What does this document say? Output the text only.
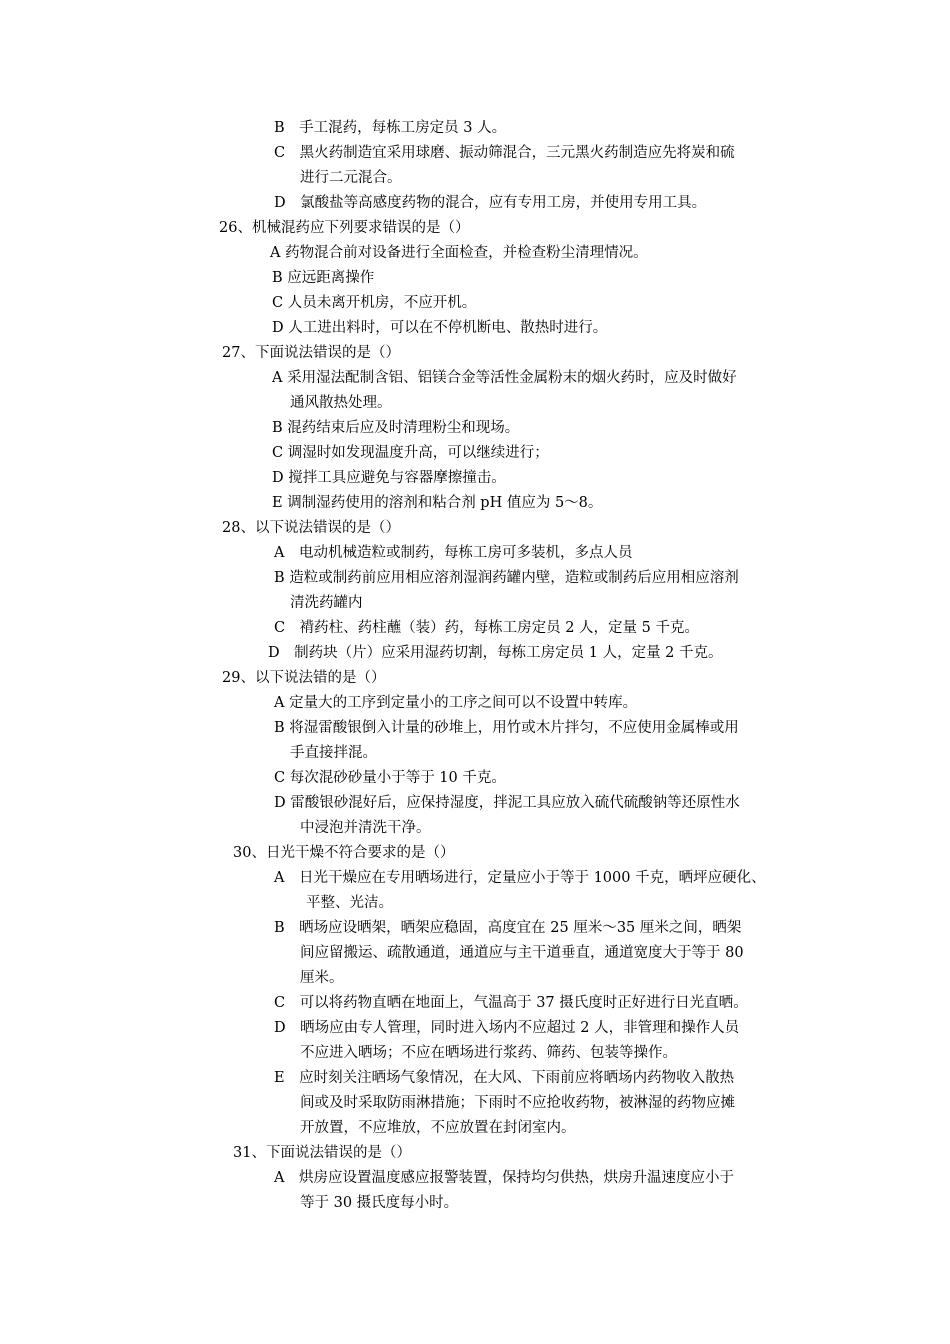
B　手工混药，每栋工房定员 3 人。
C　黑火药制造宜采用球磨、振动筛混合，三元黑火药制造应先将炭和硫
进行二元混合。
D　氯酸盐等高感度药物的混合，应有专用工房，并使用专用工具。
26、机械混药应下列要求错误的是（）
A 药物混合前对设备进行全面检查，并检查粉尘清理情况。
B 应远距离操作
C 人员未离开机房，不应开机。
D 人工进出料时，可以在不停机断电、散热时进行。
27、下面说法错误的是（）
A 采用湿法配制含铝、铝镁合金等活性金属粉末的烟火药时，应及时做好
通风散热处理。
B 混药结束后应及时清理粉尘和现场。
C 调湿时如发现温度升高，可以继续进行；
D 搅拌工具应避免与容器摩擦撞击。
E 调制湿药使用的溶剂和粘合剂 pH 值应为 5～8。
28、以下说法错误的是（）
A　电动机械造粒或制药，每栋工房可多装机，多点人员
B 造粒或制药前应用相应溶剂湿润药罐内壁，造粒或制药后应用相应溶剂
清洗药罐内
C　褙药柱、药柱蘸（装）药，每栋工房定员 2 人，定量 5 千克。
D　制药块（片）应采用湿药切割，每栋工房定员 1 人，定量 2 千克。
29、以下说法错的是（）
A 定量大的工序到定量小的工序之间可以不设置中转库。
B 将湿雷酸银倒入计量的砂堆上，用竹或木片拌匀，不应使用金属棒或用
手直接拌混。
C 每次混砂砂量小于等于 10 千克。
D 雷酸银砂混好后，应保持湿度，拌泥工具应放入硫代硫酸钠等还原性水
中浸泡并清洗干净。
30、日光干燥不符合要求的是（）
A　日光干燥应在专用晒场进行，定量应小于等于 1000 千克，晒坪应硬化、
平整、光洁。
B　晒场应设晒架，晒架应稳固，高度宜在 25 厘米～35 厘米之间，晒架
间应留搬运、疏散通道，通道应与主干道垂直，通道宽度大于等于 80
厘米。
C　可以将药物直晒在地面上，气温高于 37 摄氏度时正好进行日光直晒。
D　晒场应由专人管理，同时进入场内不应超过 2 人，非管理和操作人员
不应进入晒场；不应在晒场进行浆药、筛药、包装等操作。
E　应时刻关注晒场气象情况，在大风、下雨前应将晒场内药物收入散热
间或及时采取防雨淋措施；下雨时不应抢收药物，被淋湿的药物应摊
开放置，不应堆放，不应放置在封闭室内。
31、下面说法错误的是（）
A　烘房应设置温度感应报警装置，保持均匀供热，烘房升温速度应小于
等于 30 摄氏度每小时。
